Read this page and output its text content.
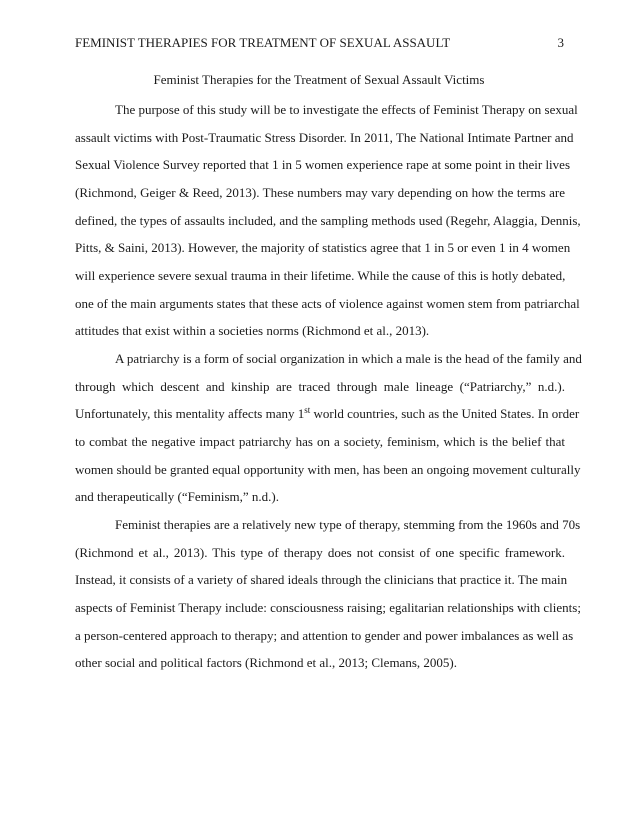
FEMINIST THERAPIES FOR TREATMENT OF SEXUAL ASSAULT	3
Feminist Therapies for the Treatment of Sexual Assault Victims
The purpose of this study will be to investigate the effects of Feminist Therapy on sexual
assault victims with Post-Traumatic Stress Disorder. In 2011, The National Intimate Partner and
Sexual Violence Survey reported that 1 in 5 women experience rape at some point in their lives
(Richmond, Geiger & Reed, 2013). These numbers may vary depending on how the terms are
defined, the types of assaults included, and the sampling methods used (Regehr, Alaggia, Dennis,
Pitts, & Saini, 2013). However, the majority of statistics agree that 1 in 5 or even 1 in 4 women
will experience severe sexual trauma in their lifetime. While the cause of this is hotly debated,
one of the main arguments states that these acts of violence against women stem from patriarchal
attitudes that exist within a societies norms (Richmond et al., 2013).
A patriarchy is a form of social organization in which a male is the head of the family and
through which descent and kinship are traced through male lineage (“Patriarchy,” n.d.).
Unfortunately, this mentality affects many 1st world countries, such as the United States. In order
to combat the negative impact patriarchy has on a society, feminism, which is the belief that
women should be granted equal opportunity with men, has been an ongoing movement culturally
and therapeutically (“Feminism,” n.d.).
Feminist therapies are a relatively new type of therapy, stemming from the 1960s and 70s
(Richmond et al., 2013). This type of therapy does not consist of one specific framework.
Instead, it consists of a variety of shared ideals through the clinicians that practice it. The main
aspects of Feminist Therapy include: consciousness raising; egalitarian relationships with clients;
a person-centered approach to therapy; and attention to gender and power imbalances as well as
other social and political factors (Richmond et al., 2013; Clemans, 2005).
